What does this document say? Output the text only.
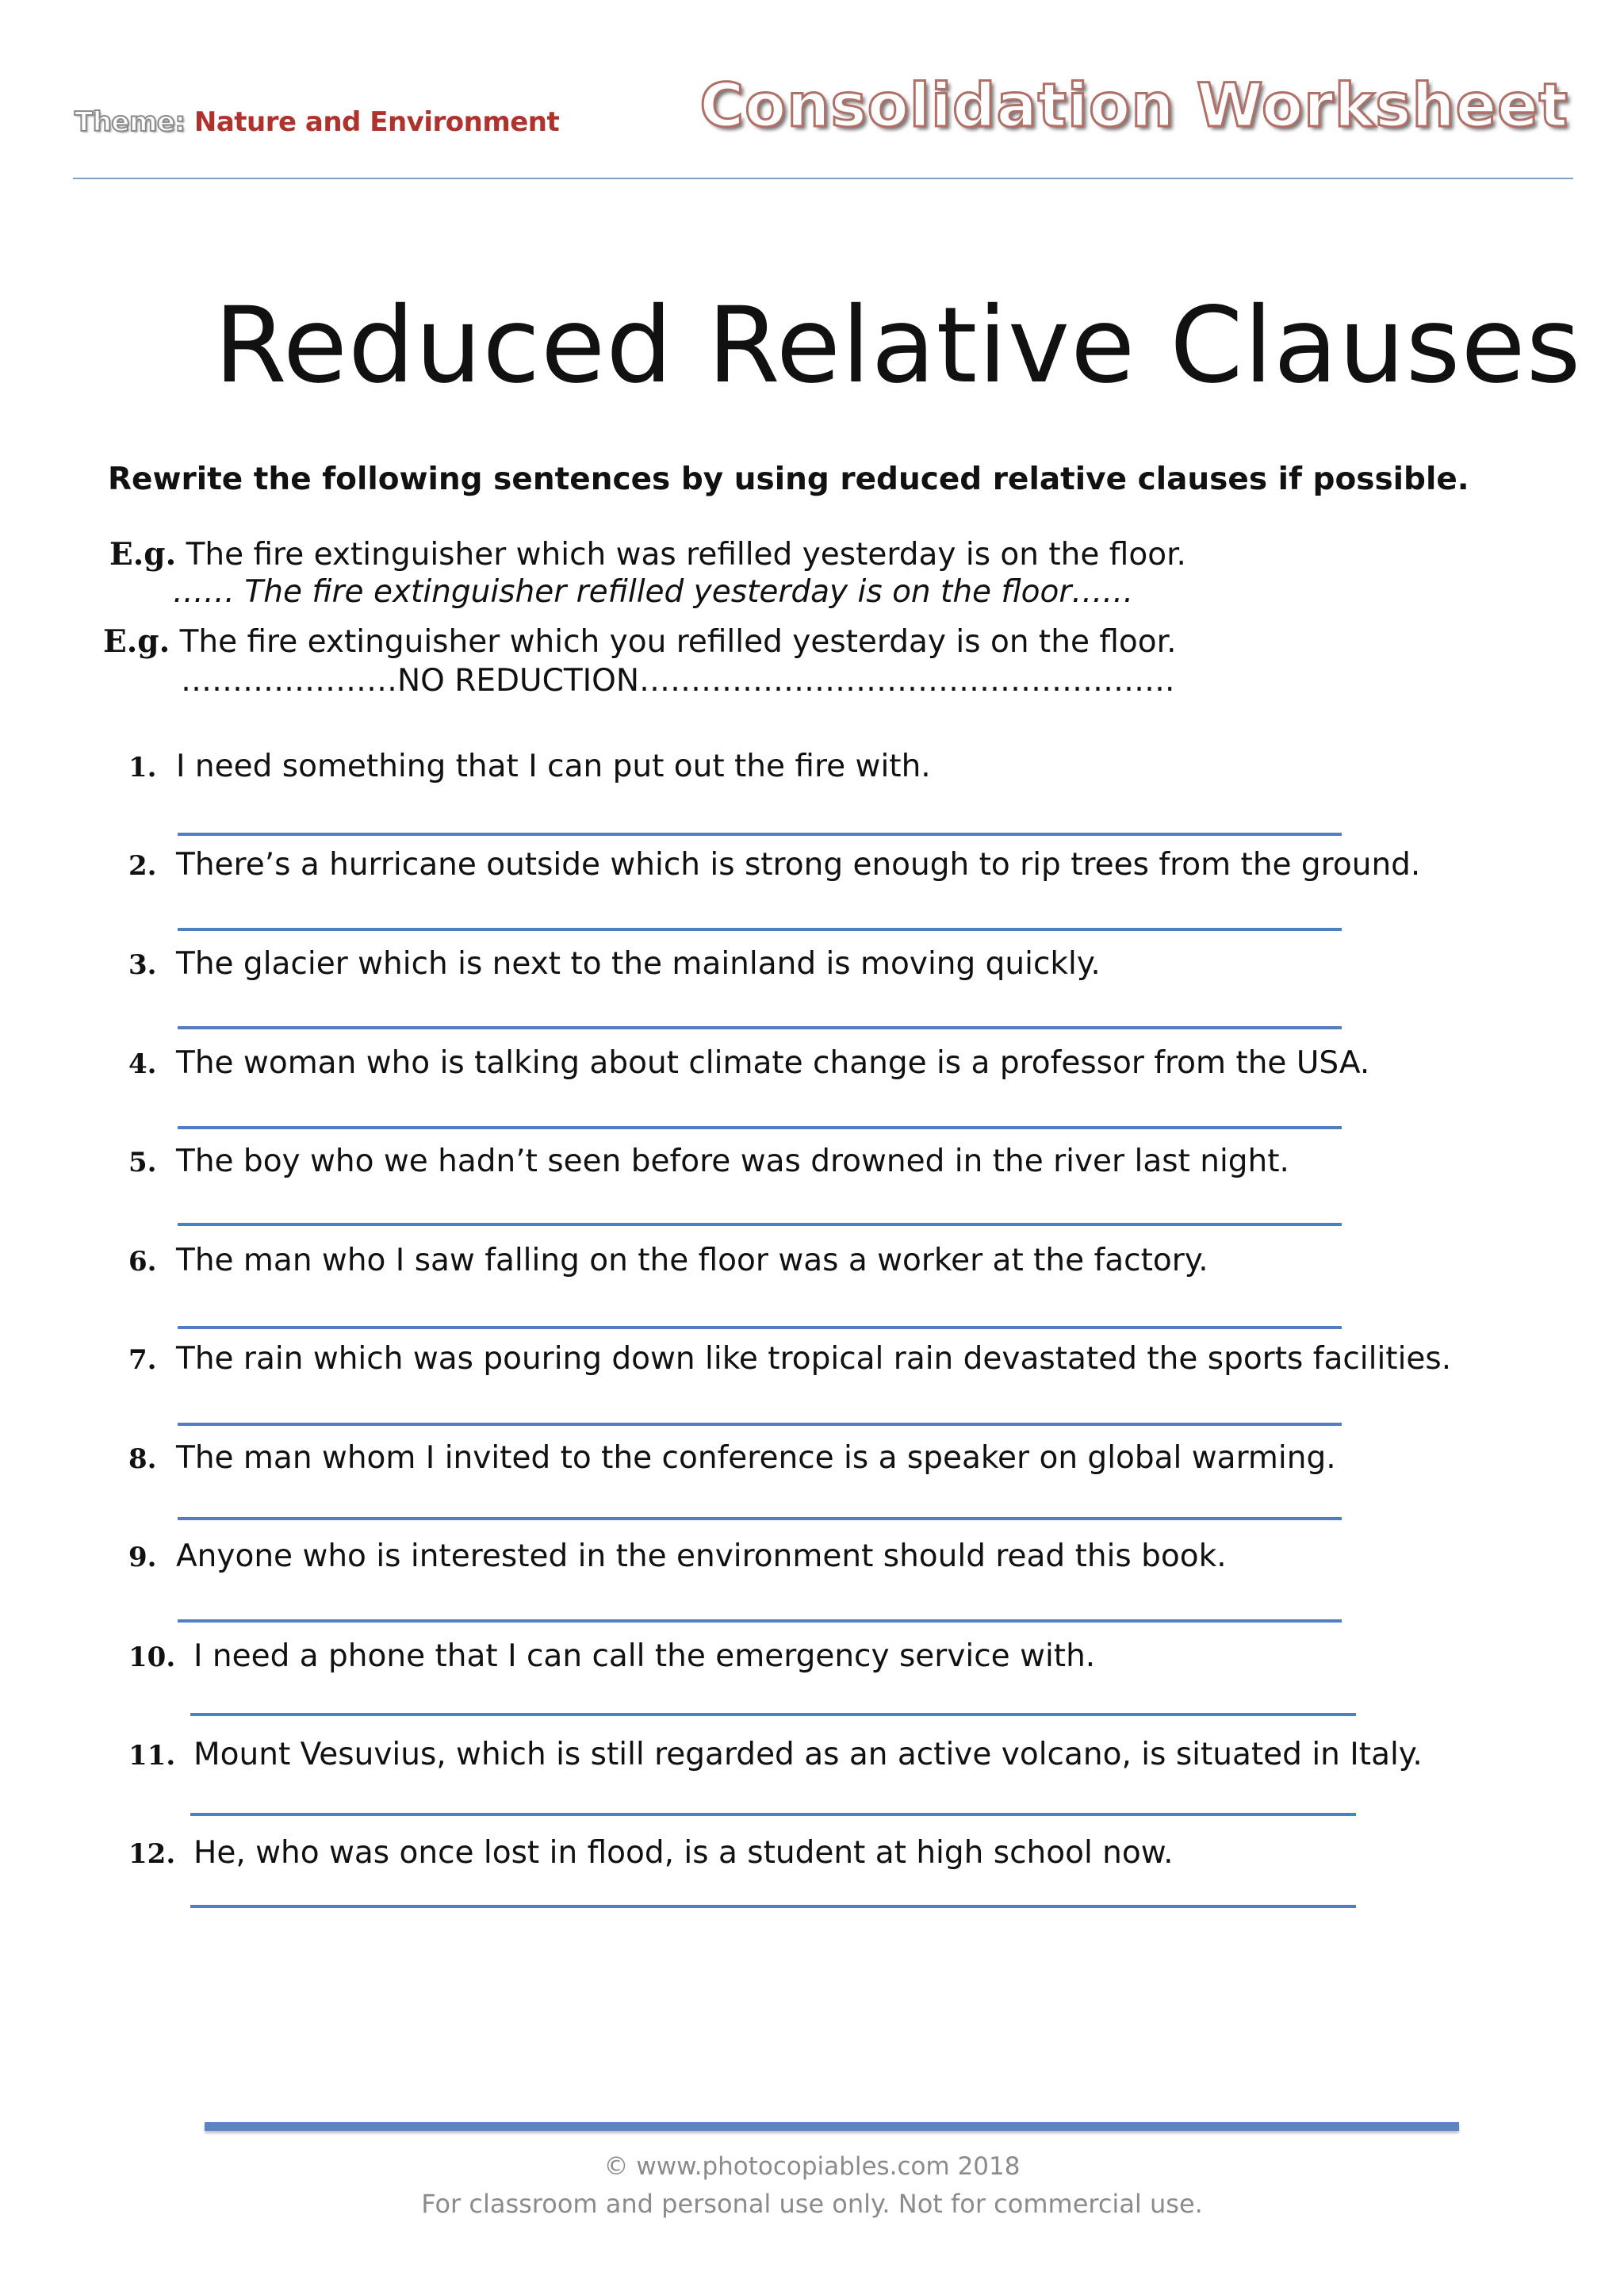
Theme: Nature and Environment Consolidation Worksheet
Reduced Relative Clauses
Rewrite the following sentences by using reduced relative clauses if possible.
E.g. The fire extinguisher which was refilled yesterday is on the floor.
…… The fire extinguisher refilled yesterday is on the floor……
E.g. The fire extinguisher which you refilled yesterday is on the floor.
…………………NO REDUCTION…………………………………………….
1. I need something that I can put out the fire with.
2. There’s a hurricane outside which is strong enough to rip trees from the ground.
3. The glacier which is next to the mainland is moving quickly.
4. The woman who is talking about climate change is a professor from the USA.
5. The boy who we hadn’t seen before was drowned in the river last night.
6. The man who I saw falling on the floor was a worker at the factory.
7. The rain which was pouring down like tropical rain devastated the sports facilities.
8. The man whom I invited to the conference is a speaker on global warming.
9. Anyone who is interested in the environment should read this book.
10. I need a phone that I can call the emergency service with.
11. Mount Vesuvius, which is still regarded as an active volcano, is situated in Italy.
12. He, who was once lost in flood, is a student at high school now.
© www.photocopiables.com 2018
For classroom and personal use only. Not for commercial use.
